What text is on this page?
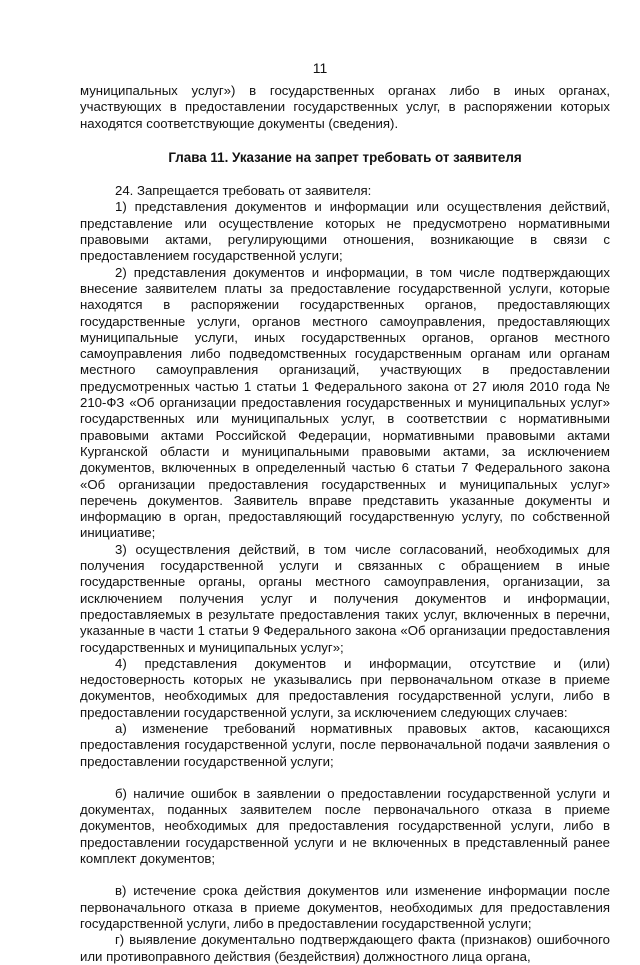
11

муниципальных услуг») в государственных органах либо в иных органах, участвующих в предоставлении государственных услуг, в распоряжении которых находятся соответствующие документы (сведения).

Глава 11. Указание на запрет требовать от заявителя

24. Запрещается требовать от заявителя:

1) представления документов и информации или осуществления действий, представление или осуществление которых не предусмотрено нормативными правовыми актами, регулирующими отношения, возникающие в связи с предоставлением государственной услуги;

2) представления документов и информации, в том числе подтверждающих внесение заявителем платы за предоставление государственной услуги, которые находятся в распоряжении государственных органов, предоставляющих государственные услуги, органов местного самоуправления, предоставляющих муниципальные услуги, иных государственных органов, органов местного самоуправления либо подведомственных государственным органам или органам местного самоуправления организаций, участвующих в предоставлении предусмотренных частью 1 статьи 1 Федерального закона от 27 июля 2010 года № 210-ФЗ «Об организации предоставления государственных и муниципальных услуг» государственных или муниципальных услуг, в соответствии с нормативными правовыми актами Российской Федерации, нормативными правовыми актами Курганской области и муниципальными правовыми актами, за исключением документов, включенных в определенный частью 6 статьи 7 Федерального закона «Об организации предоставления государственных и муниципальных услуг» перечень документов. Заявитель вправе представить указанные документы и информацию в орган, предоставляющий государственную услугу, по собственной инициативе;

3) осуществления действий, в том числе согласований, необходимых для получения государственной услуги и связанных с обращением в иные государственные органы, органы местного самоуправления, организации, за исключением получения услуг и получения документов и информации, предоставляемых в результате предоставления таких услуг, включенных в перечни, указанные в части 1 статьи 9 Федерального закона «Об организации предоставления государственных и муниципальных услуг»;

4) представления документов и информации, отсутствие и (или) недостоверность которых не указывались при первоначальном отказе в приеме документов, необходимых для предоставления государственной услуги, либо в предоставлении государственной услуги, за исключением следующих случаев:

а) изменение требований нормативных правовых актов, касающихся предоставления государственной услуги, после первоначальной подачи заявления о предоставлении государственной услуги;

б) наличие ошибок в заявлении о предоставлении государственной услуги и документах, поданных заявителем после первоначального отказа в приеме документов, необходимых для предоставления государственной услуги, либо в предоставлении государственной услуги и не включенных в представленный ранее комплект документов;

в) истечение срока действия документов или изменение информации после первоначального отказа в приеме документов, необходимых для предоставления государственной услуги, либо в предоставлении государственной услуги;

г) выявление документально подтверждающего факта (признаков) ошибочного или противоправного действия (бездействия) должностного лица органа,
